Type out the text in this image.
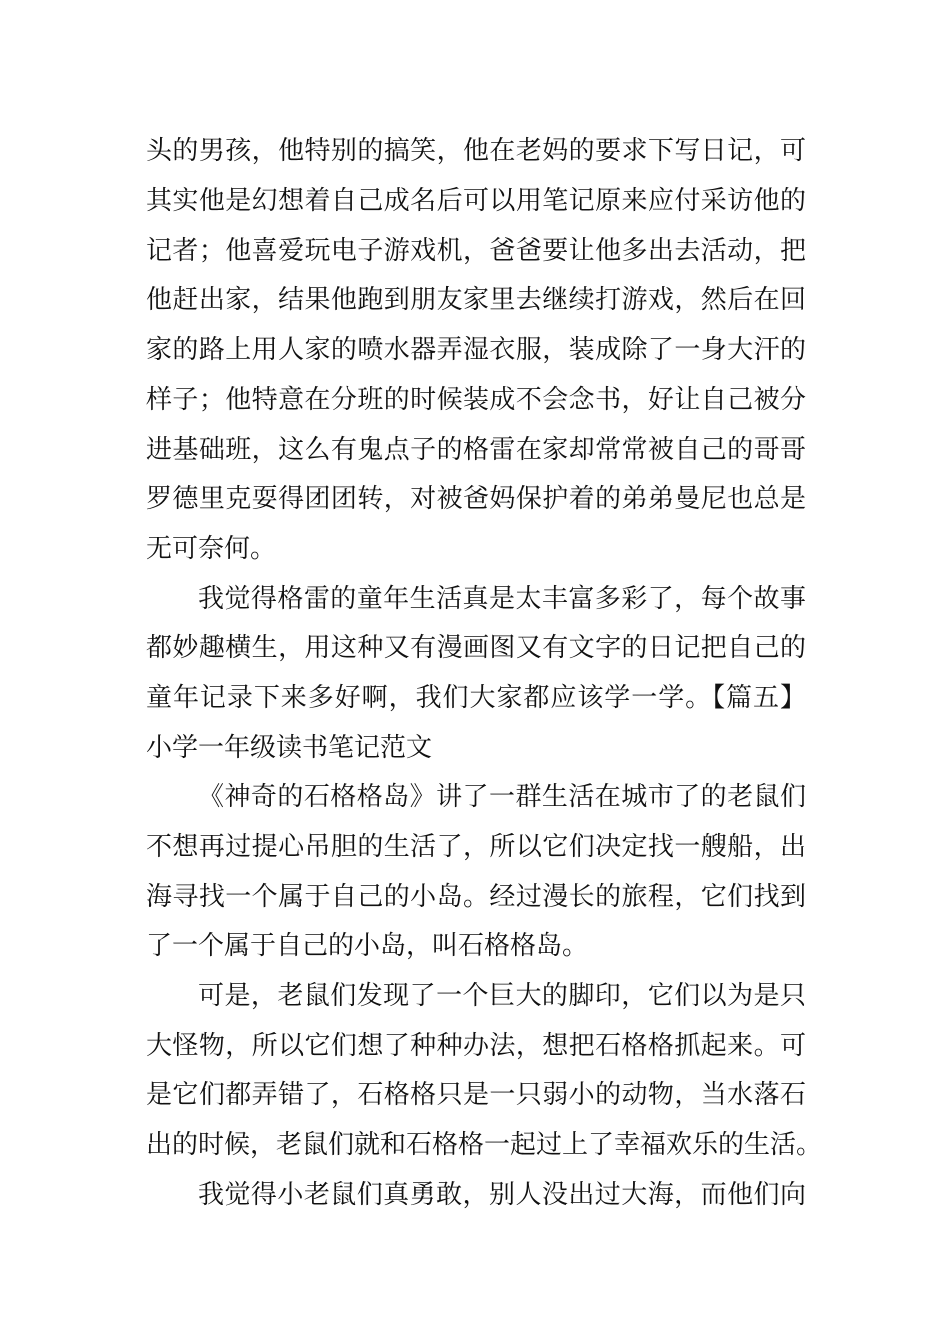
头的男孩，他特别的搞笑，他在老妈的要求下写日记，可
其实他是幻想着自己成名后可以用笔记原来应付采访他的
记者；他喜爱玩电子游戏机，爸爸要让他多出去活动，把
他赶出家，结果他跑到朋友家里去继续打游戏，然后在回
家的路上用人家的喷水器弄湿衣服，装成除了一身大汗的
样子；他特意在分班的时候装成不会念书，好让自己被分
进基础班，这么有鬼点子的格雷在家却常常被自己的哥哥
罗德里克耍得团团转，对被爸妈保护着的弟弟曼尼也总是
无可奈何。
我觉得格雷的童年生活真是太丰富多彩了，每个故事
都妙趣横生，用这种又有漫画图又有文字的日记把自己的
童年记录下来多好啊，我们大家都应该学一学。【篇五】
小学一年级读书笔记范文
《神奇的石格格岛》讲了一群生活在城市了的老鼠们
不想再过提心吊胆的生活了，所以它们决定找一艘船，出
海寻找一个属于自己的小岛。经过漫长的旅程，它们找到
了一个属于自己的小岛，叫石格格岛。
可是，老鼠们发现了一个巨大的脚印，它们以为是只
大怪物，所以它们想了种种办法，想把石格格抓起来。可
是它们都弄错了，石格格只是一只弱小的动物，当水落石
出的时候，老鼠们就和石格格一起过上了幸福欢乐的生活。
我觉得小老鼠们真勇敢，别人没出过大海，而他们向
